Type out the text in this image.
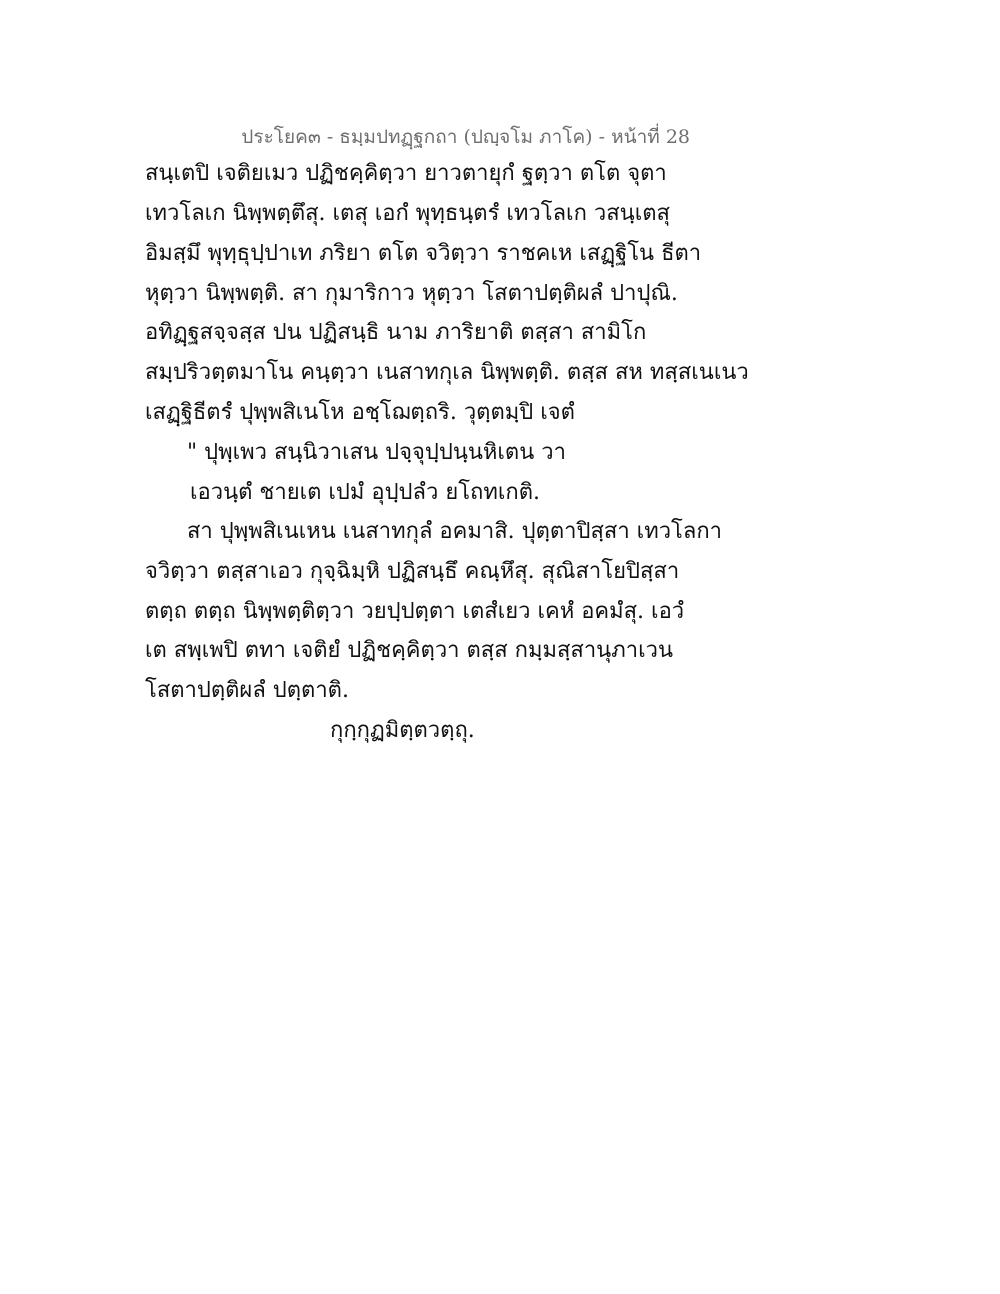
ประโยค๓ - ธมฺมปทฏฺฐกถา (ปญฺจโม ภาโค) - หน้าที่ 28
สนฺเตปิ เจติยเมว ปฏิชคฺคิตฺวา ยาวตายุกํ ฐตฺวา ตโต จุตา
เทวโลเก นิพฺพตฺตึสุ. เตสุ เอกํ พุทฺธนฺตรํ เทวโลเก วสนฺเตสุ
อิมสฺมึ พุทฺธุปฺปาเท ภริยา ตโต จวิตฺวา ราชคเห เสฏฺฐิโน ธีตา
หุตฺวา นิพฺพตฺติ. สา กุมาริกาว หุตฺวา โสตาปตฺติผลํ ปาปุณิ.
อทิฏฺฐสจฺจสฺส ปน ปฏิสนฺธิ นาม ภาริยาติ ตสฺสา สามิโก
สมฺปริวตฺตมาโน คนฺตฺวา เนสาทกุเล นิพฺพตฺติ. ตสฺส สห ทสฺสเนเนว
เสฏฺฐิธีตรํ ปุพฺพสิเนโห อชฺโฌตฺถริ. วุตฺตมฺปิ เจตํ
" ปุพฺเพว สนฺนิวาเสน ปจฺจุปฺปนฺนหิเตน วา
เอวนฺตํ ชายเต เปมํ อุปฺปลํว ยโถทเกติ.
สา ปุพฺพสิเนเหน เนสาทกุลํ อคมาสิ. ปุตฺตาปิสฺสา เทวโลกา
จวิตฺวา ตสฺสาเอว กุจฺฉิมฺหิ ปฏิสนฺธึ คณฺหึสุ. สุณิสาโยปิสฺสา
ตตฺถ ตตฺถ นิพฺพตฺติตฺวา วยปฺปตฺตา เตสํเยว เคหํ อคมํสุ. เอวํ
เต สพฺเพปิ ตทา เจติยํ ปฏิชคฺคิตฺวา ตสฺส กมฺมสฺสานุภาเวน
โสตาปตฺติผลํ ปตฺตาติ.
กุกฺกุฏมิตฺตวตฺถุ.
